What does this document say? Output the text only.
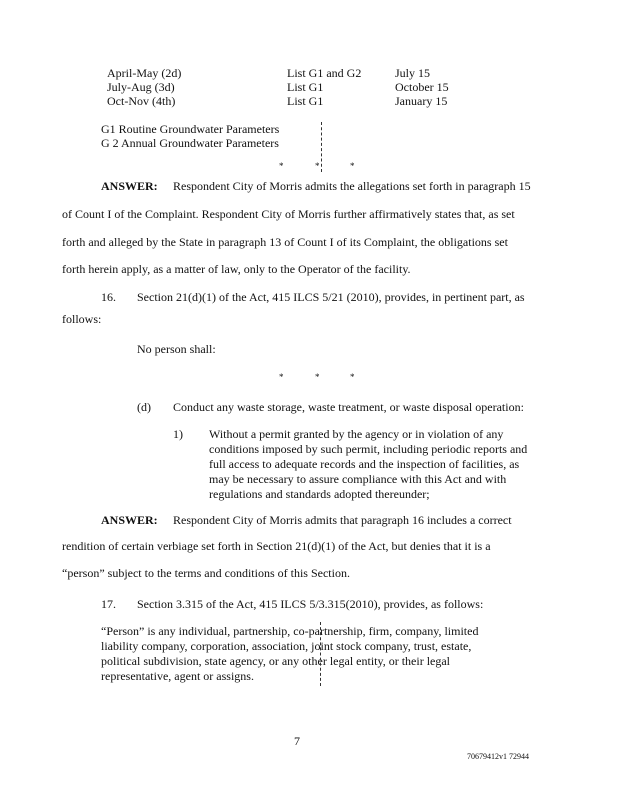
April-May (2d)	List G1 and G2	July 15
July-Aug (3d)	List G1	October 15
Oct-Nov (4th)	List G1	January 15
G1 Routine Groundwater Parameters
G 2 Annual Groundwater Parameters
*	*	*
ANSWER: Respondent City of Morris admits the allegations set forth in paragraph 15
of Count I of the Complaint. Respondent City of Morris further affirmatively states that, as set
forth and alleged by the State in paragraph 13 of Count I of its Complaint, the obligations set
forth herein apply, as a matter of law, only to the Operator of the facility.
16. Section 21(d)(1) of the Act, 415 ILCS 5/21 (2010), provides, in pertinent part, as
follows:
No person shall:
*	*	*
(d) Conduct any waste storage, waste treatment, or waste disposal operation:
1) Without a permit granted by the agency or in violation of any
conditions imposed by such permit, including periodic reports and
full access to adequate records and the inspection of facilities, as
may be necessary to assure compliance with this Act and with
regulations and standards adopted thereunder;
ANSWER: Respondent City of Morris admits that paragraph 16 includes a correct
rendition of certain verbiage set forth in Section 21(d)(1) of the Act, but denies that it is a
“person” subject to the terms and conditions of this Section.
17. Section 3.315 of the Act, 415 ILCS 5/3.315(2010), provides, as follows:
“Person” is any individual, partnership, co-partnership, firm, company, limited
liability company, corporation, association, joint stock company, trust, estate,
political subdivision, state agency, or any other legal entity, or their legal
representative, agent or assigns.
7
70679412v1 72944
